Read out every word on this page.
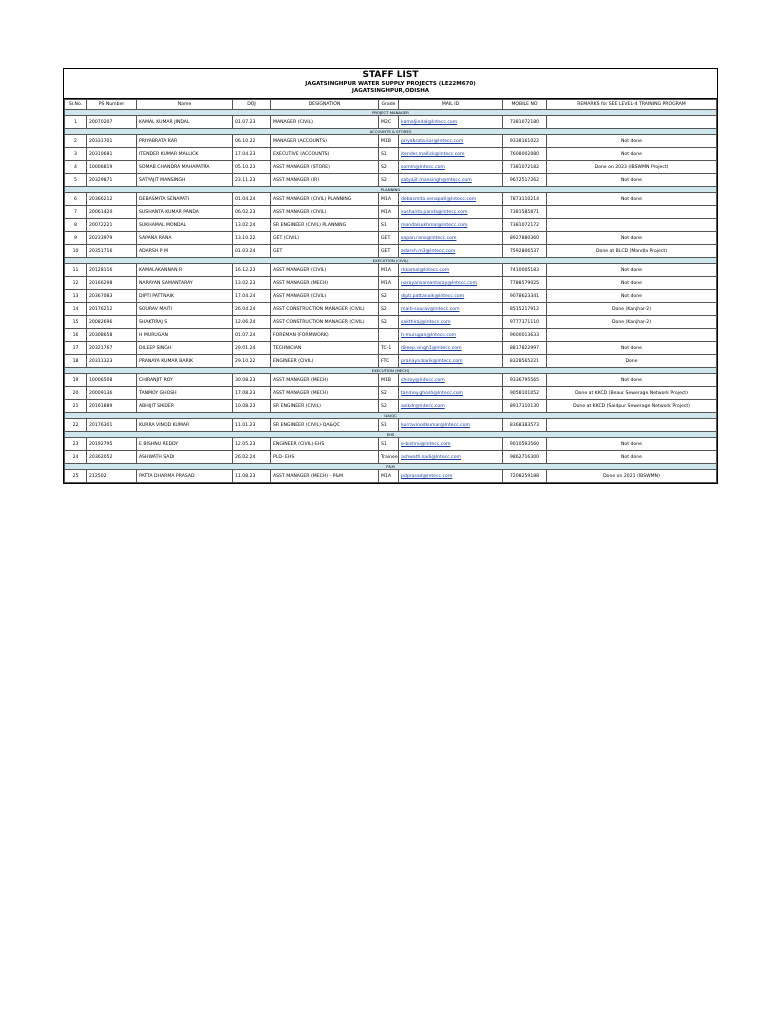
STAFF LIST
JAGATSINGHPUR WATER SUPPLY PROJECTS (LE22M670)
JAGATSINGHPUR,ODISHA
Sl.No.	PS Number	Name	DOJ	DESIGNATION	Grade	MAIL ID	MOBILE NO	REMARKS for SEE LEVEL-4 TRAINING PROGRAM
PROJECT MANAGER								
1	20070207	KAMAL KUMAR JINDAL	01.07.23	MANAGER (CIVIL)	M2C	kamaljindal@lntecc.com	7381072180	
ACCOUNTS & STORES								
2	20331701	PRIYABRATA KAR	06.10.22	MANAGER (ACCOUNTS)	M1B	priyabrata.kar@lntecc.com	9338161022	Not done
3	20310681	ITENDER KUMAR MALLICK	17.04.23	EXECUTIVE (ACCOUNTS)	S1	itender.mallick@lntecc.com	7608002080	Not done
4	10006819	SOMAB CHANDRA MAHAPATRA	05.10.23	ASST MANAGER (STORE)	S2	somm@lntecc.com	7381072182	Done on 2023 (IBSWMN Project)
5	20329871	SATYAJIT MANSINGH	23.11.23	ASST MANAGER (IR)	S2	satyajit.mansingh@lntecc.com	9672517262	Not done
PLANNING								
6	20366212	DEBASMITA SENAPATI	01.04.24	ASST MANAGER (CIVIL) PLANNING	M1A	debasmita.senapati@lntecc.com	7873110214	Not done
7	20061420	SUSHANTA KUMAR PANDA	06.02.23	ASST MANAGER (CIVIL)	M1A	sushanta.panda@lntecc.com	7381585871	
8	20072221	SUKHAMAL MONDAL	13.02.24	SR ENGINEER (CIVIL) PLANNING	S1	mondalsukhmal@lntecc.com	7381072172	
9	20233979	SAPANA RANA	13.10.22	GET (CIVIL)	GET	sapan.rana@lntecc.com	8927880360	Not done
10	20351716	ADARSH P M	01.03.24	GET	GET	adarsh.m3@lntecc.com	7592806537	Done at BLCD (Mandla Project)
EXECUTION (CIVIL)								
11	20128116	KAMALAKANNAN R	16.12.23	ASST MANAGER (CIVIL)	M1A	rkkamal@lntecc.com	7410005183	Not done
12	20166298	NARAYAN SAMANTARAY	13.02.23	ASST MANAGER (MECH)	M1A	narayansamantaray@lntecc.com	7788579025	Not done
13	20367083	DIPTI PATTNAIK	17.04.24	ASST MANAGER (CIVIL)	S2	dipti.pattanaik@lntecc.com	9078623341	Not done
14	20176212	SOURAV MAITI	26.04.24	ASST CONSTRUCTION MANAGER (CIVIL)	S2	maiti-sourav@lntecc.com	8515217912	Done (Kanjhar-2)
15	20082696	SHAKTIRAJ S	12.06.24	ASST CONSTRUCTION MANAGER (CIVIL)	S2	sakthiraj@lntecc.com	9777371110	Done (Kanjhar-2)
16	20308658	H MURUGAN	01.07.24	FOREMAN (FORMWORK)		h-murugan@lntecc.com	9600013633	
17	20321767	DILEEP SINGH	29.01.24	TECHNICIAN	TC-1	dileep.singh1@lntecc.com	8817822997	Not done
18	20311323	PRANAYA KUMAR BARIK	29.10.22	ENGINEER (CIVIL)	FTC	pranaya.barik@lntecc.com	8328565221	Done
EXECUTION (MECH)								
19	10006508	CHIRANJIT ROY	30.08.23	ASST MANAGER (MECH)	M1B	chiroy@lntecc.com	9336795565	Not done
20	20009136	TANMOY GHOSH	17.08.23	ASST MANAGER (MECH)	S2	tanmoy.ghosh@lntecc.com	9058101052	Done at KKCD (Beaur Sewerage Network Project)
21	20161889	ABHIJIT SIKDER	10.08.23	SR ENGINEER (CIVIL)	S2	asikdr@lntecc.com	8917310130	Done at KKCD (Saidpur Sewerage Network Project)
QA/QC								
22	20176301	KURRA VINOD KUMAR	11.01.23	SR ENGINEER (CIVIL)-QA&QC	S1	kurravinodkumar@lntecc.com	8368383573	
EHS								
23	20192795	E BISHNU REDDY	12.05.23	ENGINEER (CIVIL)-EHS	S1	e-bishnu@lntecc.com	9010593560	Not done
24	20362052	ASHWATH SADI	26.02.24	PLD- EHS	Trainee	ashwath.sadi@lntecc.com	9862716300	Not done
P&M								
25	212502	PATTA DHARMA PRASAD	11.08.23	ASST MANAGER (MECH) - P&M	M1A	pdprasad@lntecc.com	7208259188	Done on 2021 (IBSWMN)
